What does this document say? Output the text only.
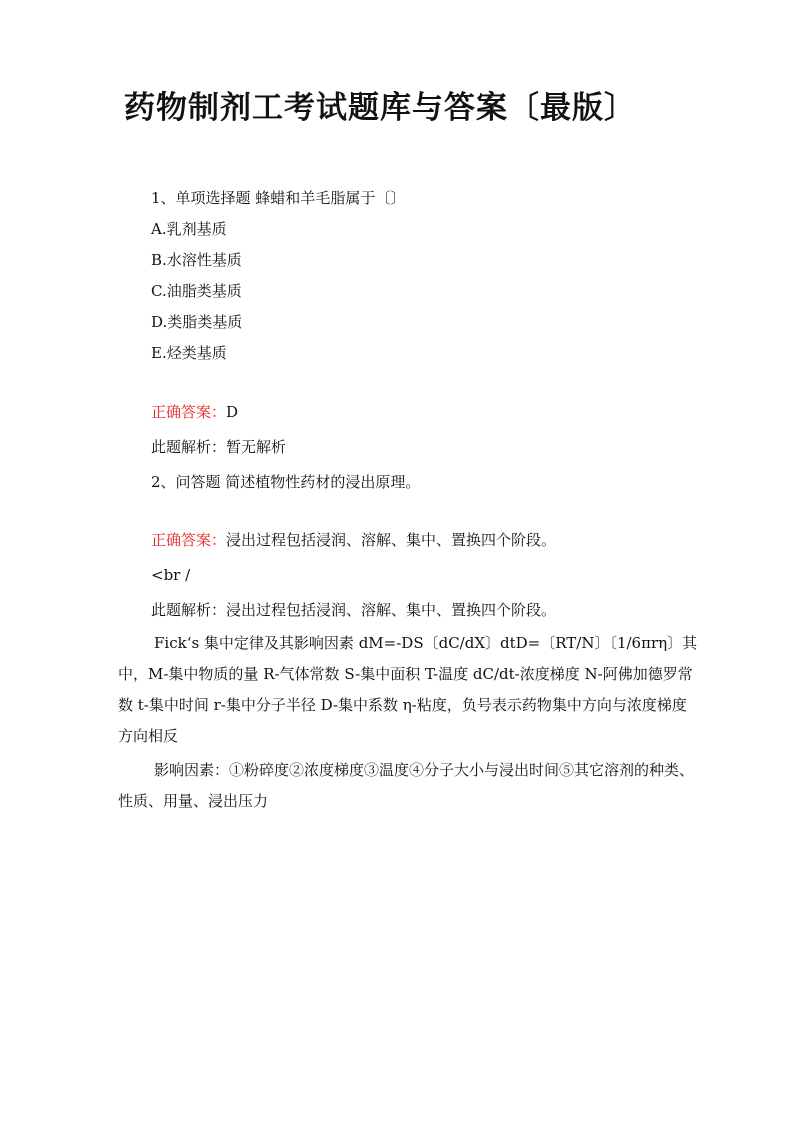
药物制剂工考试题库与答案〔最版〕
1、单项选择题 蜂蜡和羊毛脂属于〔〕
A.乳剂基质
B.水溶性基质
C.油脂类基质
D.类脂类基质
E.烃类基质
正确答案：D
此题解析：暂无解析
2、问答题 简述植物性药材的浸出原理。
正确答案：浸出过程包括浸润、溶解、集中、置换四个阶段。
<br /
此题解析：浸出过程包括浸润、溶解、集中、置换四个阶段。
Fick‘s 集中定律及其影响因素 dM=-DS〔dC/dX〕dtD=〔RT/N〕〔1/6πrη〕其中，M-集中物质的量 R-气体常数 S-集中面积 T-温度 dC/dt-浓度梯度 N-阿佛加德罗常数 t-集中时间 r-集中分子半径 D-集中系数 η-粘度，负号表示药物集中方向与浓度梯度方向相反
影响因素：①粉碎度②浓度梯度③温度④分子大小与浸出时间⑤其它溶剂的种类、性质、用量、浸出压力
